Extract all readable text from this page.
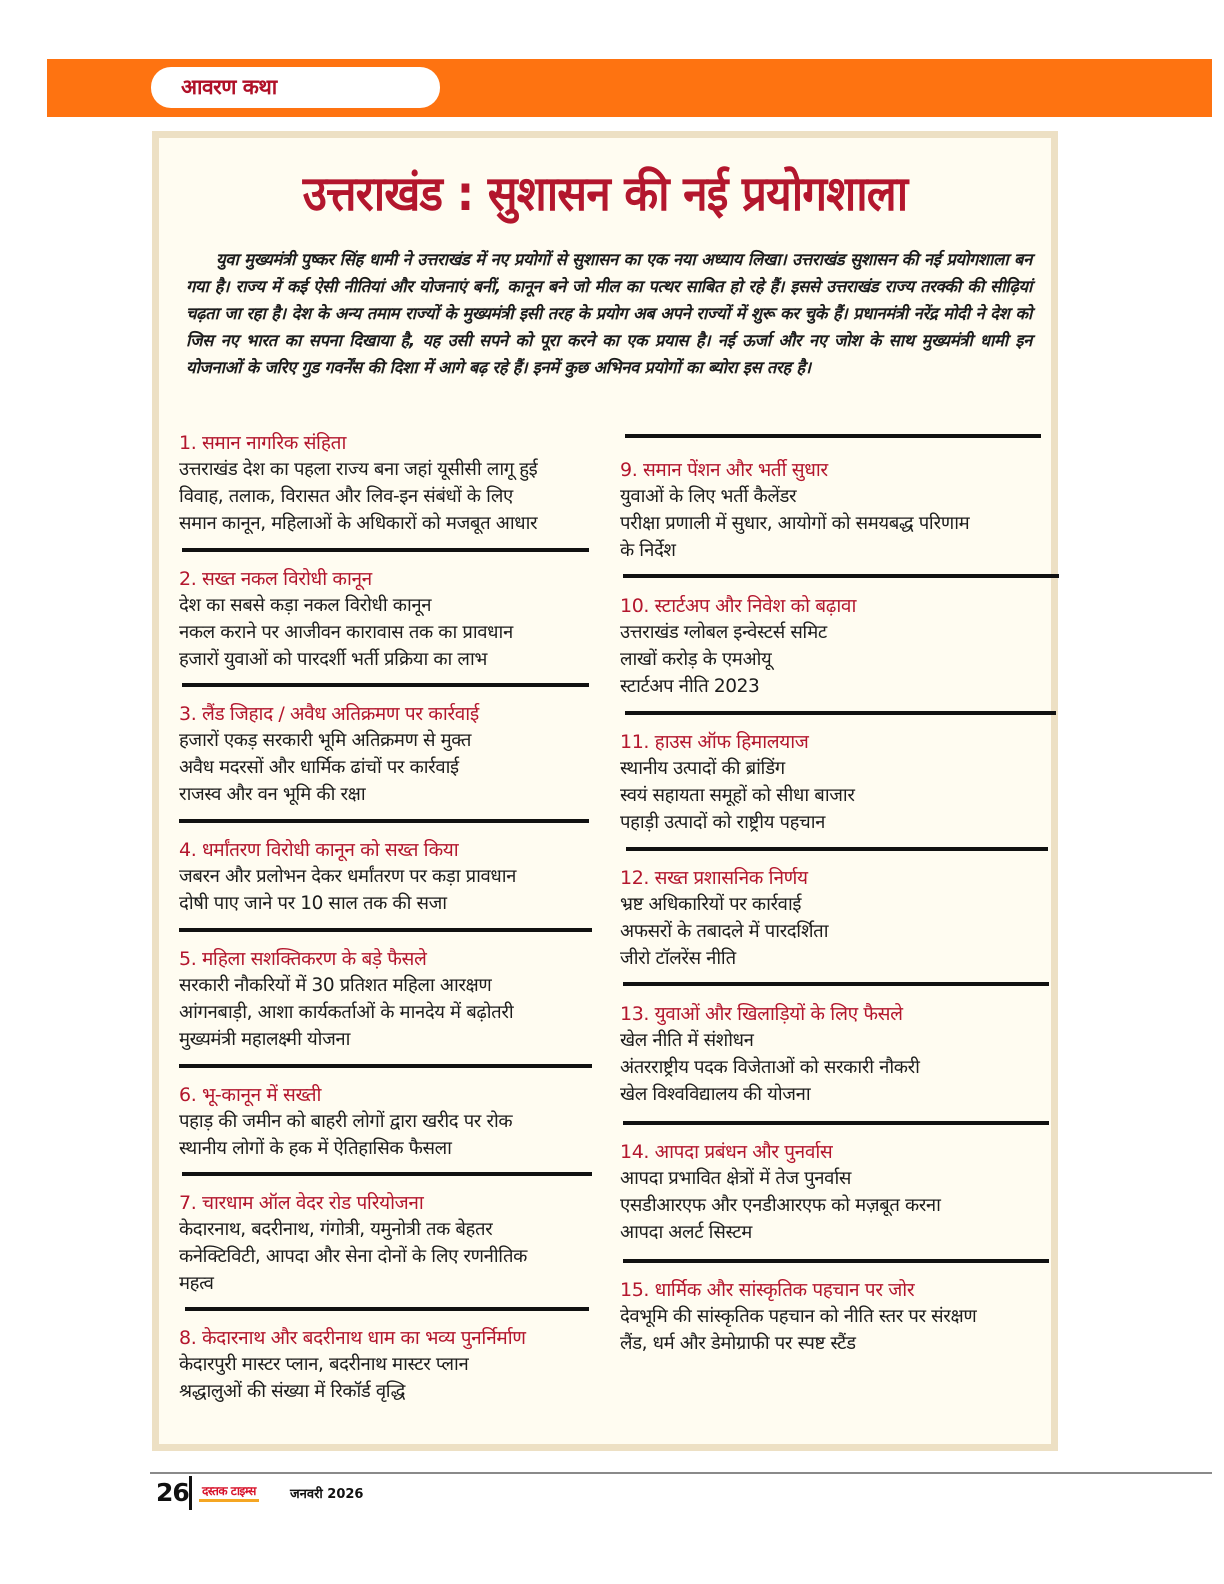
आवरण कथा
उत्तराखंड : सुशासन की नई प्रयोगशाला
युवा मुख्यमंत्री पुष्कर सिंह धामी ने उत्तराखंड में नए प्रयोगों से सुशासन का एक नया अध्याय लिखा। उत्तराखंड सुशासन की नई प्रयोगशाला बन गया है। राज्य में कई ऐसी नीतियां और योजनाएं बनीं, कानून बने जो मील का पत्थर साबित हो रहे हैं। इससे उत्तराखंड राज्य तरक्की की सीढ़ियां चढ़ता जा रहा है। देश के अन्य तमाम राज्यों के मुख्यमंत्री इसी तरह के प्रयोग अब अपने राज्यों में शुरू कर चुके हैं। प्रधानमंत्री नरेंद्र मोदी ने देश को जिस नए भारत का सपना दिखाया है, यह उसी सपने को पूरा करने का एक प्रयास है। नई ऊर्जा और नए जोश के साथ मुख्यमंत्री धामी इन योजनाओं के जरिए गुड गवर्नेंस की दिशा में आगे बढ़ रहे हैं। इनमें कुछ अभिनव प्रयोगों का ब्योरा इस तरह है।
1. समान नागरिक संहिता
उत्तराखंड देश का पहला राज्य बना जहां यूसीसी लागू हुई
विवाह, तलाक, विरासत और लिव-इन संबंधों के लिए
समान कानून, महिलाओं के अधिकारों को मजबूत आधार
2. सख्त नकल विरोधी कानून
देश का सबसे कड़ा नकल विरोधी कानून
नकल कराने पर आजीवन कारावास तक का प्रावधान
हजारों युवाओं को पारदर्शी भर्ती प्रक्रिया का लाभ
3. लैंड जिहाद / अवैध अतिक्रमण पर कार्रवाई
हजारों एकड़ सरकारी भूमि अतिक्रमण से मुक्त
अवैध मदरसों और धार्मिक ढांचों पर कार्रवाई
राजस्व और वन भूमि की रक्षा
4. धर्मांतरण विरोधी कानून को सख्त किया
जबरन और प्रलोभन देकर धर्मांतरण पर कड़ा प्रावधान
दोषी पाए जाने पर 10 साल तक की सजा
5. महिला सशक्तिकरण के बड़े फैसले
सरकारी नौकरियों में 30 प्रतिशत महिला आरक्षण
आंगनबाड़ी, आशा कार्यकर्ताओं के मानदेय में बढ़ोतरी
मुख्यमंत्री महालक्ष्मी योजना
6. भू-कानून में सख्ती
पहाड़ की जमीन को बाहरी लोगों द्वारा खरीद पर रोक
स्थानीय लोगों के हक में ऐतिहासिक फैसला
7. चारधाम ऑल वेदर रोड परियोजना
केदारनाथ, बदरीनाथ, गंगोत्री, यमुनोत्री तक बेहतर
कनेक्टिविटी, आपदा और सेना दोनों के लिए रणनीतिक
महत्व
8. केदारनाथ और बदरीनाथ धाम का भव्य पुनर्निर्माण
केदारपुरी मास्टर प्लान, बदरीनाथ मास्टर प्लान
श्रद्धालुओं की संख्या में रिकॉर्ड वृद्धि
9. समान पेंशन और भर्ती सुधार
युवाओं के लिए भर्ती कैलेंडर
परीक्षा प्रणाली में सुधार, आयोगों को समयबद्ध परिणाम
के निर्देश
10. स्टार्टअप और निवेश को बढ़ावा
उत्तराखंड ग्लोबल इन्वेस्टर्स समिट
लाखों करोड़ के एमओयू
स्टार्टअप नीति 2023
11. हाउस ऑफ हिमालयाज
स्थानीय उत्पादों की ब्रांडिंग
स्वयं सहायता समूहों को सीधा बाजार
पहाड़ी उत्पादों को राष्ट्रीय पहचान
12. सख्त प्रशासनिक निर्णय
भ्रष्ट अधिकारियों पर कार्रवाई
अफसरों के तबादले में पारदर्शिता
जीरो टॉलरेंस नीति
13. युवाओं और खिलाड़ियों के लिए फैसले
खेल नीति में संशोधन
अंतरराष्ट्रीय पदक विजेताओं को सरकारी नौकरी
खेल विश्वविद्यालय की योजना
14. आपदा प्रबंधन और पुनर्वास
आपदा प्रभावित क्षेत्रों में तेज पुनर्वास
एसडीआरएफ और एनडीआरएफ को मज़बूत करना
आपदा अलर्ट सिस्टम
15. धार्मिक और सांस्कृतिक पहचान पर जोर
देवभूमि की सांस्कृतिक पहचान को नीति स्तर पर संरक्षण
लैंड, धर्म और डेमोग्राफी पर स्पष्ट स्टैंड
26 दस्तक टाइम्स	जनवरी 2026
